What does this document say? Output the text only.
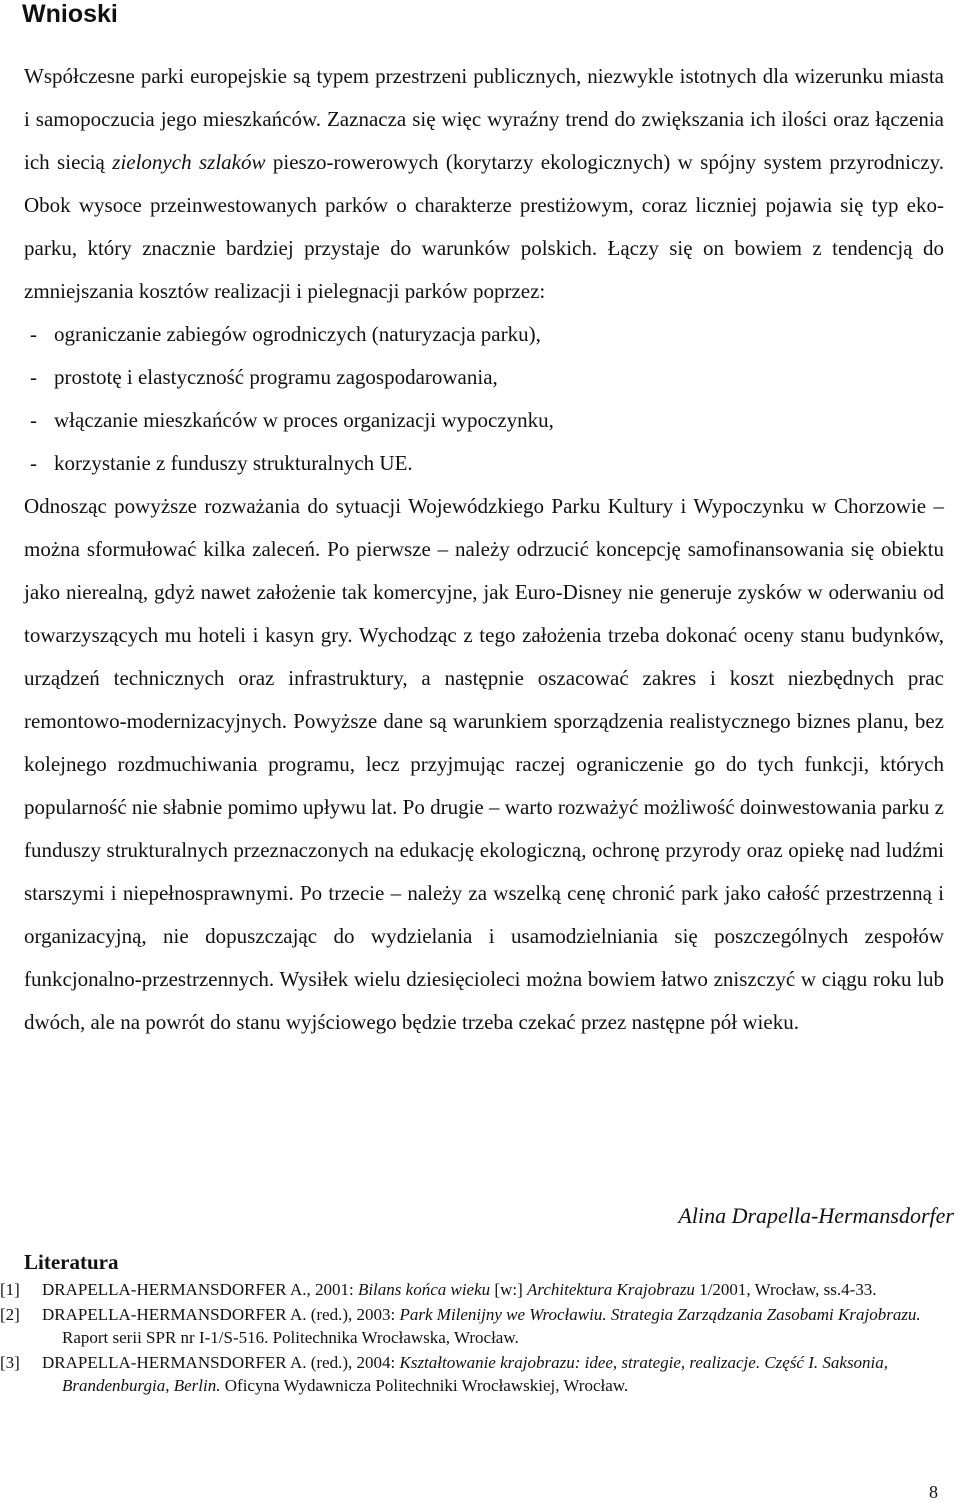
Wnioski

Współczesne parki europejskie są typem przestrzeni publicznych, niezwykle istotnych dla wizerunku miasta i samopoczucia jego mieszkańców. Zaznacza się więc wyraźny trend do zwiększania ich ilości oraz łączenia ich siecią zielonych szlaków pieszo-rowerowych (korytarzy ekologicznych) w spójny system przyrodniczy. Obok wysoce przeinwestowanych parków o charakterze prestiżowym, coraz liczniej pojawia się typ eko-parku, który znacznie bardziej przystaje do warunków polskich. Łączy się on bowiem z tendencją do zmniejszania kosztów realizacji i pielegnacji parków poprzez:

- ograniczanie zabiegów ogrodniczych (naturyzacja parku),
- prostotę i elastyczność programu zagospodarowania,
- włączanie mieszkańców w proces organizacji wypoczynku,
- korzystanie z funduszy strukturalnych UE.

Odnosząc powyższe rozważania do sytuacji Wojewódzkiego Parku Kultury i Wypoczynku w Chorzowie – można sformułować kilka zaleceń. Po pierwsze – należy odrzucić koncepcję samofinansowania się obiektu jako nierealną, gdyż nawet założenie tak komercyjne, jak Euro-Disney nie generuje zysków w oderwaniu od towarzyszących mu hoteli i kasyn gry. Wychodząc z tego założenia trzeba dokonać oceny stanu budynków, urządzeń technicznych oraz infrastruktury, a następnie oszacować zakres i koszt niezbędnych prac remontowo-modernizacyjnych. Powyższe dane są warunkiem sporządzenia realistycznego biznes planu, bez kolejnego rozdmuchiwania programu, lecz przyjmując raczej ograniczenie go do tych funkcji, których popularność nie słabnie pomimo upływu lat. Po drugie – warto rozważyć możliwość doinwestowania parku z funduszy strukturalnych przeznaczonych na edukację ekologiczną, ochronę przyrody oraz opiekę nad ludźmi starszymi i niepełnosprawnymi. Po trzecie – należy za wszelką cenę chronić park jako całość przestrzenną i organizacyjną, nie dopuszczając do wydzielania i usamodzielniania się poszczególnych zespołów funkcjonalno-przestrzennych. Wysiłek wielu dziesięcioleci można bowiem łatwo zniszczyć w ciągu roku lub dwóch, ale na powrót do stanu wyjściowego będzie trzeba czekać przez następne pół wieku.

Alina Drapella-Hermansdorfer
Literatura
[1] DRAPELLA-HERMANSDORFER A., 2001: Bilans końca wieku [w:] Architektura Krajobrazu 1/2001, Wrocław, ss.4-33.
[2] DRAPELLA-HERMANSDORFER A. (red.), 2003: Park Milenijny we Wrocławiu. Strategia Zarządzania Zasobami Krajobrazu. Raport serii SPR nr I-1/S-516. Politechnika Wrocławska, Wrocław.
[3] DRAPELLA-HERMANSDORFER A. (red.), 2004: Kształtowanie krajobrazu: idee, strategie, realizacje. Część I. Saksonia, Brandenburgia, Berlin. Oficyna Wydawnicza Politechniki Wrocławskiej, Wrocław.
8
